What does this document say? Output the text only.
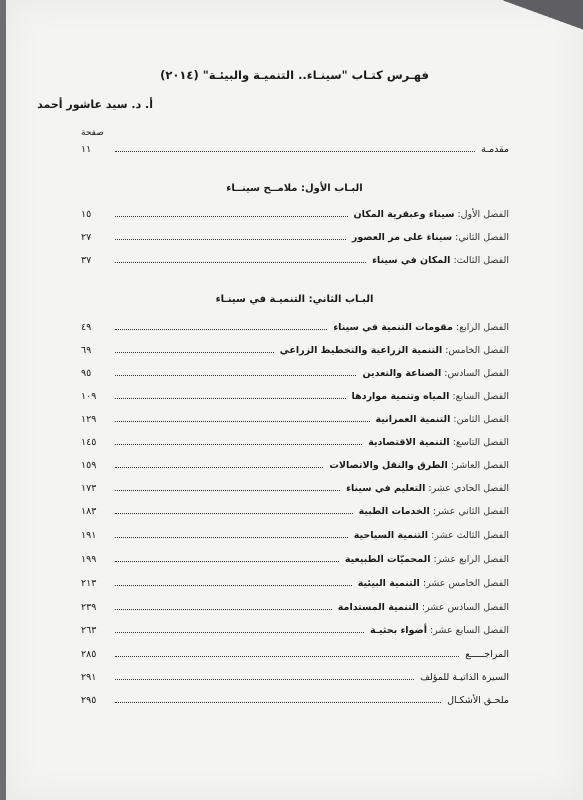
فهـرس كتـاب "سينـاء.. التنميـة والبيئـة" (٢٠١٤)
أ. د. سيد عاشور أحمد
صفحة
مقدمـة
١١
البـاب الأول: ملامــح سينــاء
الفصل الأول: سيناء وعبقرية المكان
١٥
الفصل الثاني: سيناء على مر العصور
٢٧
الفصل الثالث: المكان في سيناء
٣٧
البـاب الثاني: التنميـة في سينـاء
الفصل الرابع: مقومات التنمية في سيناء
٤٩
الفصل الخامس: التنمية الزراعية والتخطيط الزراعي
٦٩
الفصل السادس: الصناعة والتعدين
٩٥
الفصل السابع: المياه وتنمية مواردها
١٠٩
الفصل الثامن: التنمية العمرانية
١٢٩
الفصل التاسع: التنمية الاقتصادية
١٤٥
الفصل العاشر: الطرق والنقل والاتصالات
١٥٩
الفصل الحادي عشر: التعليم في سيناء
١٧٣
الفصل الثاني عشر: الخدمات الطبية
١٨٣
الفصل الثالث عشر: التنمية السياحية
١٩١
الفصل الرابع عشر: المحميّات الطبيعية
١٩٩
الفصل الخامس عشر: التنمية البيئية
٢١٣
الفصل السادس عشر: التنمية المستدامة
٢٣٩
الفصل السابع عشر: أضواء بحثيـة
٢٦٣
المراجـــــع
٢٨٥
السيرة الذاتيـة للمؤلف
٢٩١
ملحـق الأشكـال
٢٩٥
